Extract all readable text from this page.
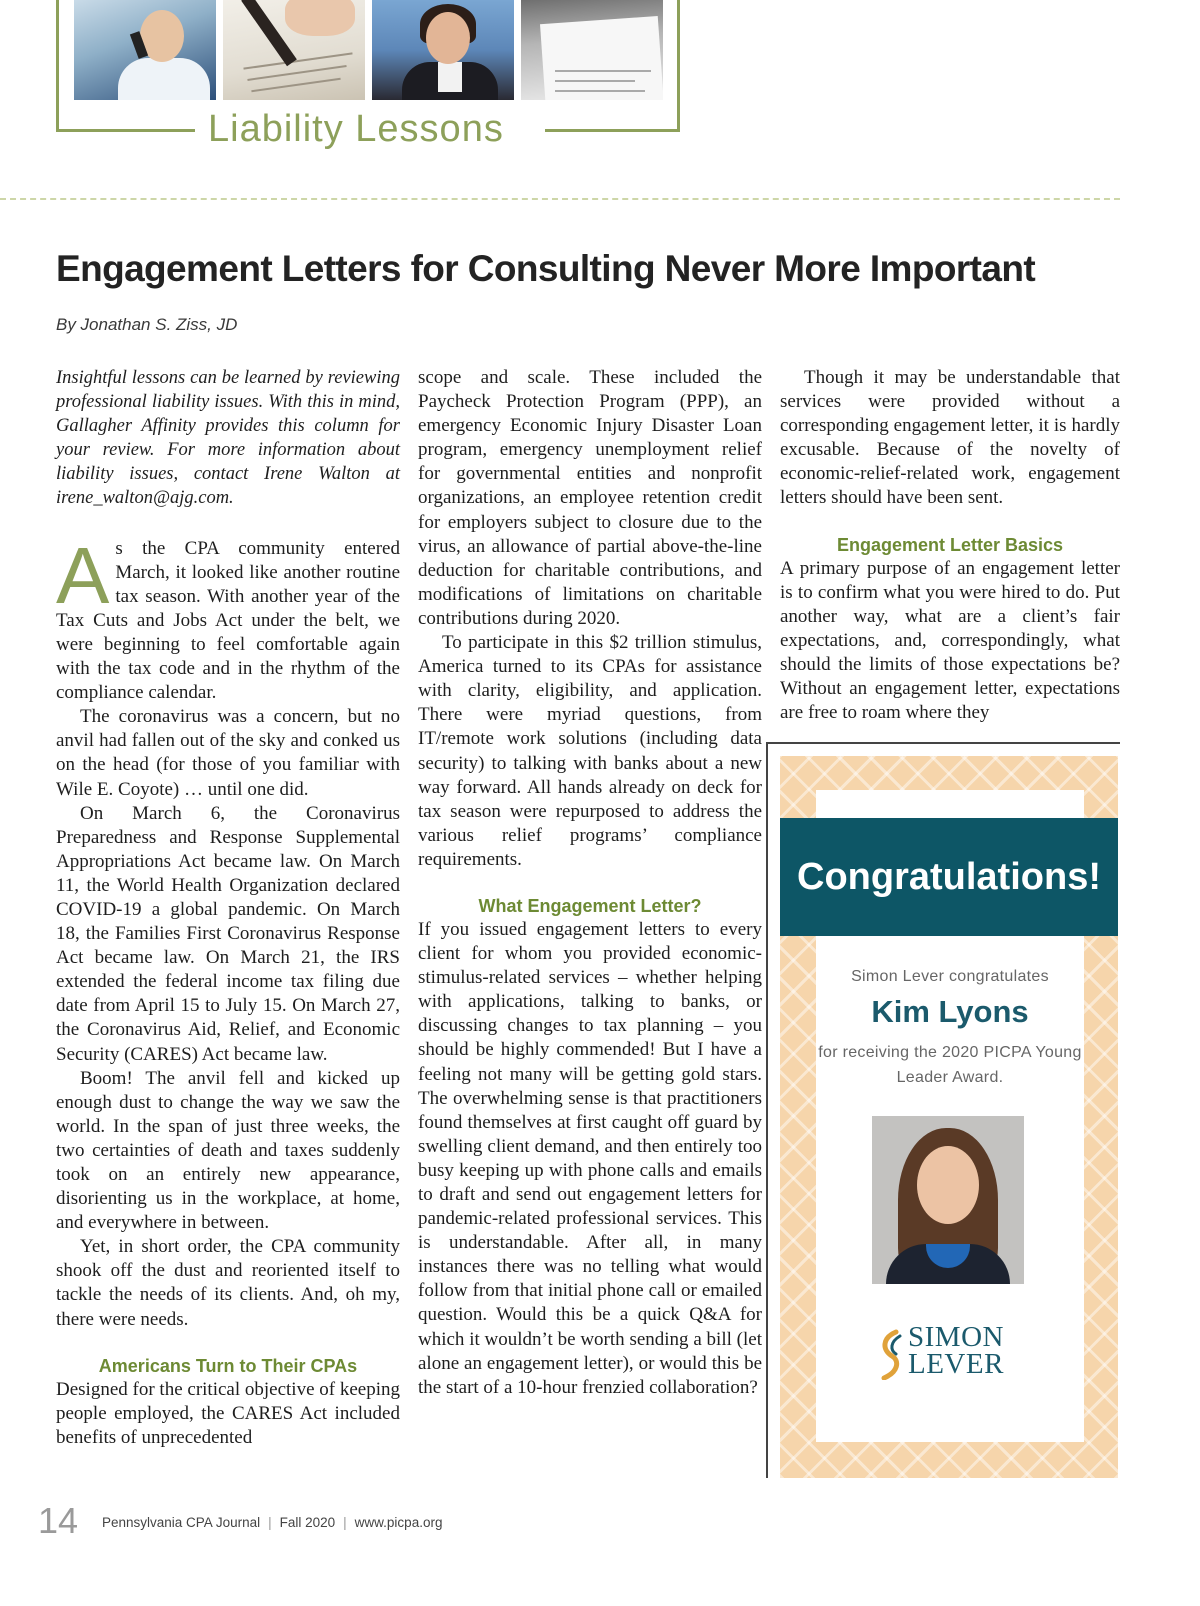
Liability Lessons
Engagement Letters for Consulting Never More Important
By Jonathan S. Ziss, JD

Insightful lessons can be learned by reviewing professional liability issues. With this in mind, Gallagher Affinity provides this column for your review. For more information about liability issues, contact Irene Walton at irene_walton@ajg.com.

As the CPA community entered March, it looked like another routine tax season. With another year of the Tax Cuts and Jobs Act under the belt, we were beginning to feel comfortable again with the tax code and in the rhythm of the compliance calendar.

The coronavirus was a concern, but no anvil had fallen out of the sky and conked us on the head (for those of you familiar with Wile E. Coyote) … until one did.

On March 6, the Coronavirus Preparedness and Response Supplemental Appropriations Act became law. On March 11, the World Health Organization declared COVID-19 a global pandemic. On March 18, the Families First Coronavirus Response Act became law. On March 21, the IRS extended the federal income tax filing due date from April 15 to July 15. On March 27, the Coronavirus Aid, Relief, and Economic Security (CARES) Act became law.

Boom! The anvil fell and kicked up enough dust to change the way we saw the world. In the span of just three weeks, the two certainties of death and taxes suddenly took on an entirely new appearance, disorienting us in the workplace, at home, and everywhere in between.

Yet, in short order, the CPA community shook off the dust and reoriented itself to tackle the needs of its clients. And, oh my, there were needs.

Americans Turn to Their CPAs

Designed for the critical objective of keeping people employed, the CARES Act included benefits of unprecedented

scope and scale. These included the Paycheck Protection Program (PPP), an emergency Economic Injury Disaster Loan program, emergency unemployment relief for governmental entities and nonprofit organizations, an employee retention credit for employers subject to closure due to the virus, an allowance of partial above-the-line deduction for charitable contributions, and modifications of limitations on charitable contributions during 2020.

To participate in this $2 trillion stimulus, America turned to its CPAs for assistance with clarity, eligibility, and application. There were myriad questions, from IT/remote work solutions (including data security) to talking with banks about a new way forward. All hands already on deck for tax season were repurposed to address the various relief programs’ compliance requirements.

What Engagement Letter?

If you issued engagement letters to every client for whom you provided economic-stimulus-related services – whether helping with applications, talking to banks, or discussing changes to tax planning – you should be highly commended! But I have a feeling not many will be getting gold stars. The overwhelming sense is that practitioners found themselves at first caught off guard by swelling client demand, and then entirely too busy keeping up with phone calls and emails to draft and send out engagement letters for pandemic-related professional services. This is understandable. After all, in many instances there was no telling what would follow from that initial phone call or emailed question. Would this be a quick Q&A for which it wouldn’t be worth sending a bill (let alone an engagement letter), or would this be the start of a 10-hour frenzied collaboration?

Though it may be understandable that services were provided without a corresponding engagement letter, it is hardly excusable. Because of the novelty of economic-relief-related work, engagement letters should have been sent.

Engagement Letter Basics

A primary purpose of an engagement letter is to confirm what you were hired to do. Put another way, what are a client’s fair expectations, and, correspondingly, what should the limits of those expectations be? Without an engagement letter, expectations are free to roam where they

Congratulations!
Simon Lever congratulates
Kim Lyons
for receiving the 2020 PICPA Young Leader Award.
SIMON
LEVER
14 Pennsylvania CPA Journal | Fall 2020 | www.picpa.org
